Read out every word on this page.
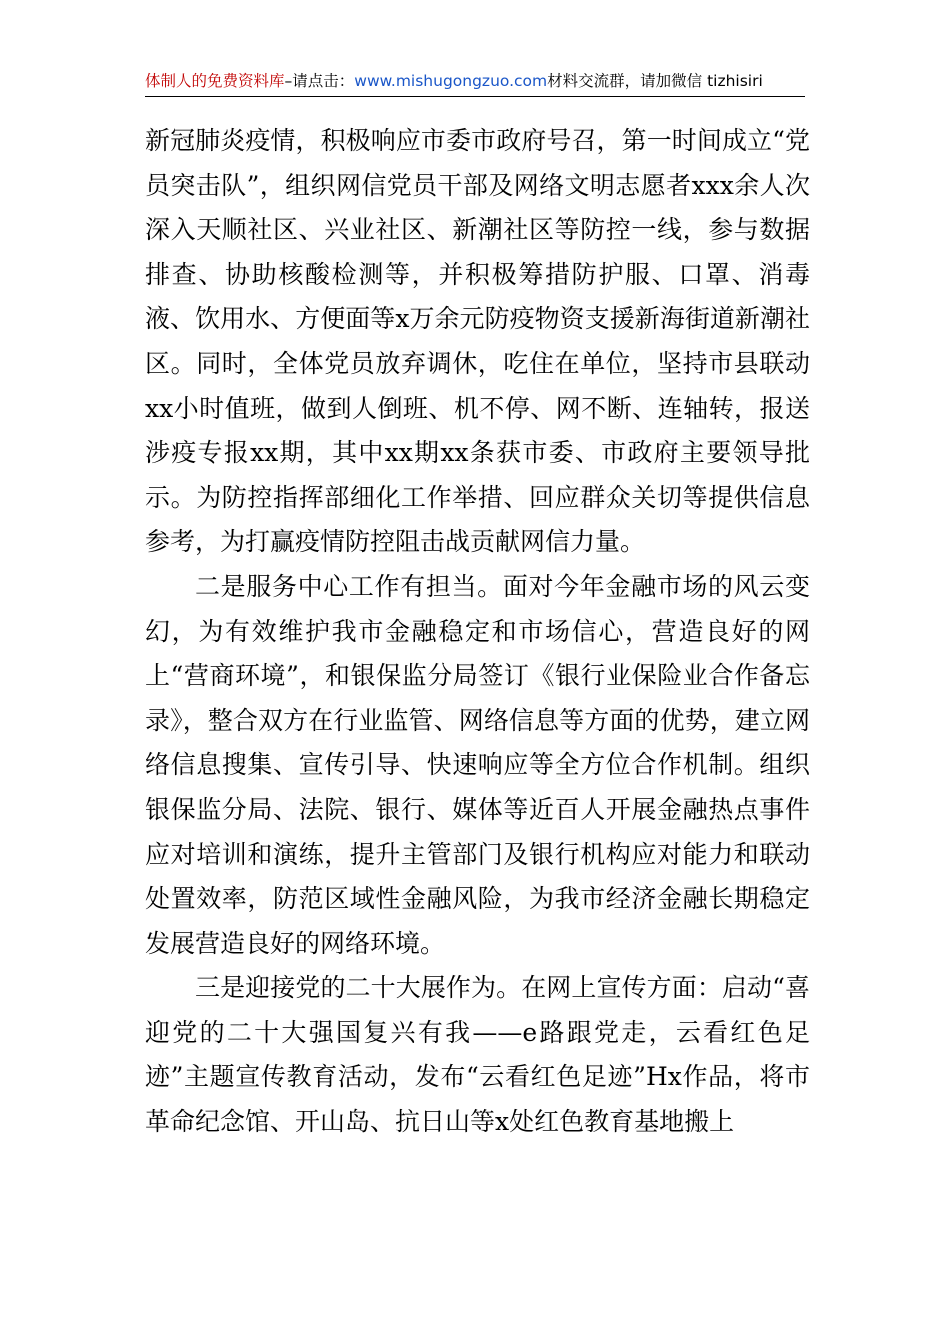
体制人的免费资料库–请点击：www.mishugongzuo.com材料交流群，请加微信 tizhisiri

新冠肺炎疫情，积极响应市委市政府号召，第一时间成立“党员突击队”，组织网信党员干部及网络文明志愿者xxx余人次深入天顺社区、兴业社区、新潮社区等防控一线，参与数据排查、协助核酸检测等，并积极筹措防护服、口罩、消毒液、饮用水、方便面等x万余元防疫物资支援新海街道新潮社区。同时，全体党员放弃调休，吃住在单位，坚持市县联动xx小时值班，做到人倒班、机不停、网不断、连轴转，报送涉疫专报xx期，其中xx期xx条获市委、市政府主要领导批示。为防控指挥部细化工作举措、回应群众关切等提供信息参考，为打赢疫情防控阻击战贡献网信力量。

二是服务中心工作有担当。面对今年金融市场的风云变幻，为有效维护我市金融稳定和市场信心，营造良好的网上“营商环境”，和银保监分局签订《银行业保险业合作备忘录》，整合双方在行业监管、网络信息等方面的优势，建立网络信息搜集、宣传引导、快速响应等全方位合作机制。组织银保监分局、法院、银行、媒体等近百人开展金融热点事件应对培训和演练，提升主管部门及银行机构应对能力和联动处置效率，防范区域性金融风险，为我市经济金融长期稳定发展营造良好的网络环境。

三是迎接党的二十大展作为。在网上宣传方面：启动“喜迎党的二十大强国复兴有我——e路跟党走，云看红色足迹”主题宣传教育活动，发布“云看红色足迹”Hx作品，将市革命纪念馆、开山岛、抗日山等x处红色教育基地搬上
